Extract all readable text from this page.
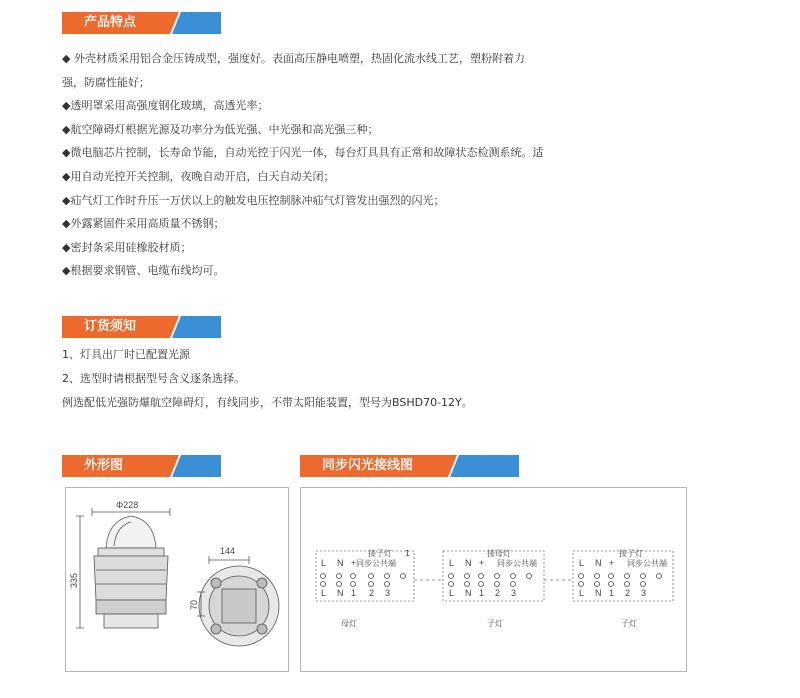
产品特点
◆ 外壳材质采用铝合金压铸成型，强度好。表面高压静电喷塑，热固化流水线工艺，塑粉附着力
强，防腐性能好；
◆透明罩采用高强度钢化玻璃，高透光率；
◆航空障碍灯根据光源及功率分为低光强、中光强和高光强三种；
◆微电脑芯片控制，长寿命节能，自动光控于闪光一体，每台灯具具有正常和故障状态检测系统。适
◆用自动光控开关控制，夜晚自动开启，白天自动关闭；
◆疝气灯工作时升压一万伏以上的触发电压控制脉冲疝气灯管发出强烈的闪光；
◆外露紧固件采用高质量不锈钢；
◆密封条采用硅橡胶材质；
◆根据要求钢管、电缆布线均可。
订货须知
1、灯具出厂时已配置光源
2、选型时请根据型号含义逐条选择。
例选配低光强防爆航空障碍灯，有线同步，不带太阳能装置，型号为BSHD70-12Y。
外形图	同步闪光接线图
Φ228
335
144
70
接子灯 1
同步公共端
L N +
L N 1 2 3
母灯
接母灯
同步公共端
L N +
L N 1 2 3
子灯
接子灯
同步公共端
L N +
L N 1 2 3
子灯
